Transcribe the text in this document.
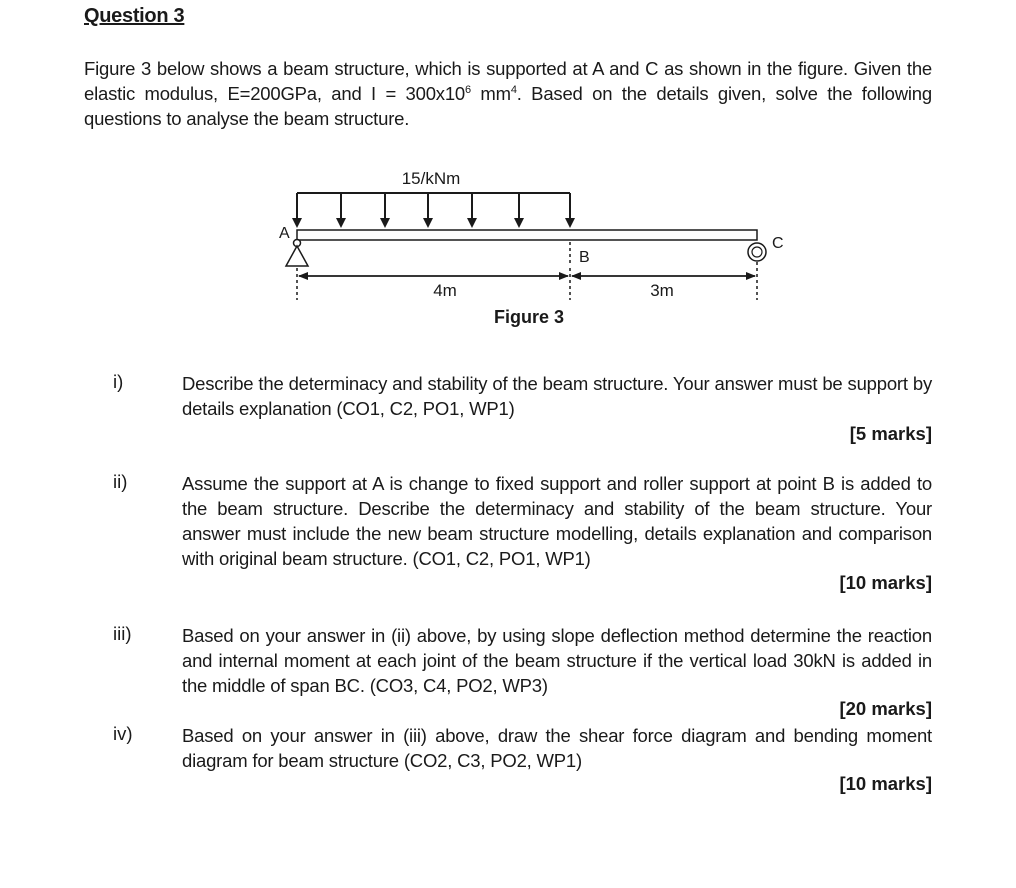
Question 3
Figure 3 below shows a beam structure, which is supported at A and C as shown in the figure. Given the elastic modulus, E=200GPa, and $I = 300x10^6$ $mm^4$. Based on the details given, solve the following questions to analyse the beam structure.
15/kNm
A
C
B
4m	3m
Figure 3
i)	Describe the determinacy and stability of the beam structure. Your answer must be support by details explanation (CO1, C2, PO1, WP1)
[5 marks]
ii)	Assume the support at A is change to fixed support and roller support at point B is added to the beam structure. Describe the determinacy and stability of the beam structure. Your answer must include the new beam structure modelling, details explanation and comparison with original beam structure. (CO1, C2, PO1, WP1)
[10 marks]
iii)	Based on your answer in (ii) above, by using slope deflection method determine the reaction and internal moment at each joint of the beam structure if the vertical load 30kN is added in the middle of span BC. (CO3, C4, PO2, WP3)
[20 marks]
iv)	Based on your answer in (iii) above, draw the shear force diagram and bending moment diagram for beam structure (CO2, C3, PO2, WP1)
[10 marks]
